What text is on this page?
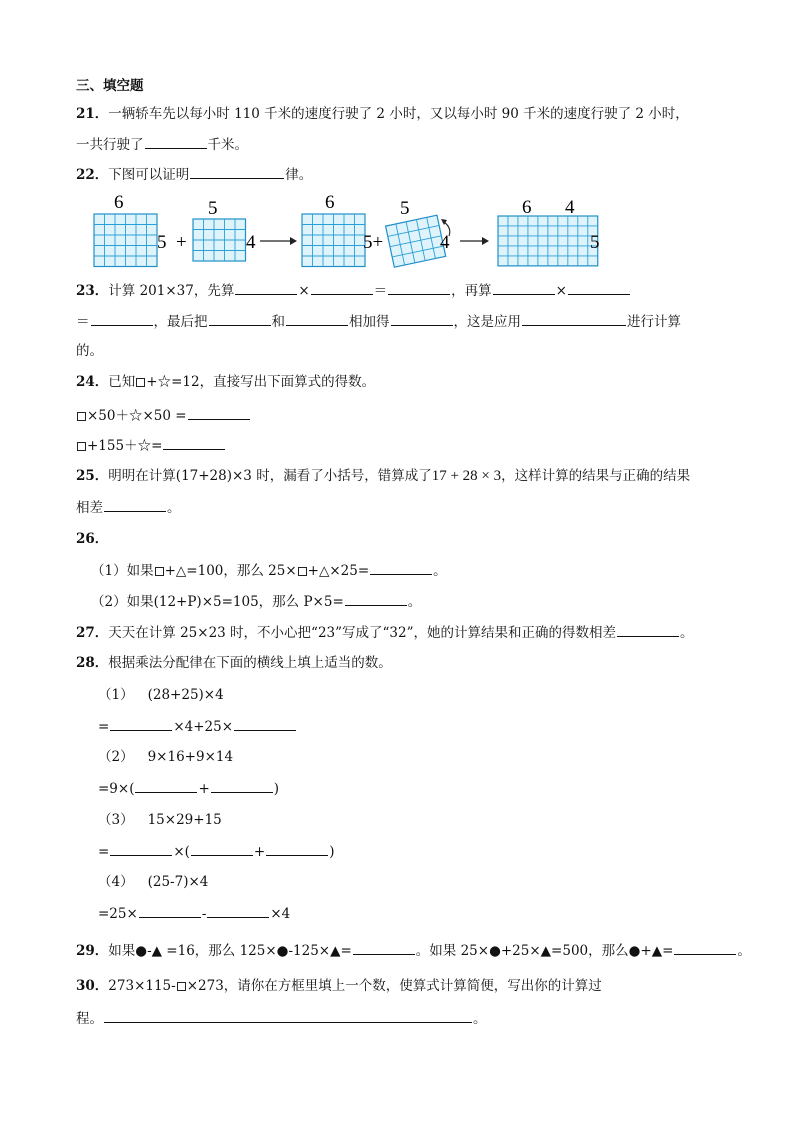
三、填空题
21．一辆轿车先以每小时 110 千米的速度行驶了 2 小时，又以每小时 90 千米的速度行驶了 2 小时，
一共行驶了	千米。
22．下图可以证明	律。
6
5 +
5
4
6
5+
5
4
6 4
5
23．计算 201×37，先算	×	＝	，再算	×
＝	，最后把	和	相加得	，这是应用	进行计算
的。
24．已知 +☆=12，直接写出下面算式的得数。
×50＋☆×50 =
+155＋☆=
25．明明在计算(17+28)×3 时，漏看了小括号，错算成了17 + 28 × 3，这样计算的结果与正确的结果
相差	。
26．
（1）如果 +△=100，那么 25× +△×25=	。
（2）如果(12+P)×5=105，那么 P×5=	。
27．天天在计算 25×23 时，不小心把“23”写成了“32”，她的计算结果和正确的得数相差	。
28．根据乘法分配律在下面的横线上填上适当的数。
（1） (28+25)×4
=	×4+25×
（2） 9×16+9×14
=9×(	+	)
（3） 15×29+15
=	×(	+	)
（4） (25-7)×4
=25×	-	×4
29．如果●-▲ =16，那么 125×●-125×▲=	。如果 25×●+25×▲=500，那么●+▲=	。
30．273×115- ×273，请你在方框里填上一个数，使算式计算简便，写出你的计算过
程。	。
